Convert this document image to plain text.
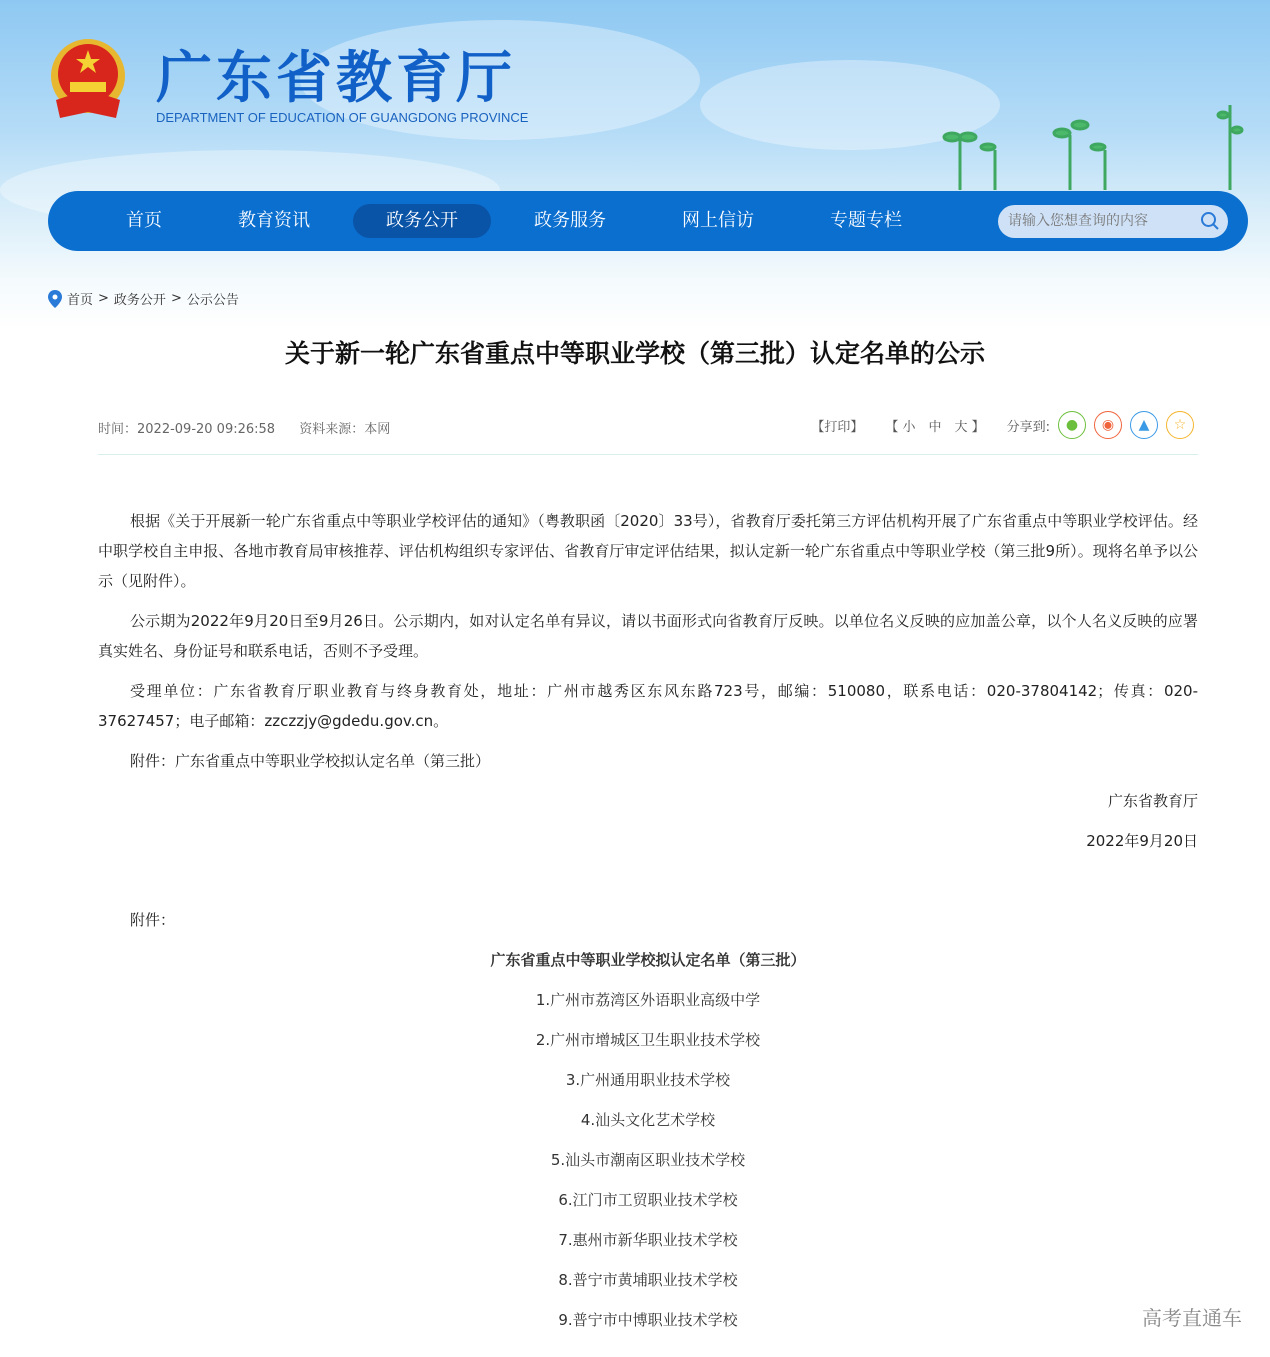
广东省教育厅
DEPARTMENT OF EDUCATION OF GUANGDONG PROVINCE
首页	教育资讯	政务公开	政务服务	网上信访	专题专栏
请输入您想查询的内容
首页 > 政务公开 > 公示公告
关于新一轮广东省重点中等职业学校（第三批）认定名单的公示
时间：2022-09-20 09:26:58 资料来源：本网	【打印】 【 小　中　大 】 分享到:	●	◉	▲	☆

根据《关于开展新一轮广东省重点中等职业学校评估的通知》（粤教职函〔2020〕33号），省教育厅委托第三方评估机构开展了广东省重点中等职业学校评估。经中职学校自主申报、各地市教育局审核推荐、评估机构组织专家评估、省教育厅审定评估结果，拟认定新一轮广东省重点中等职业学校（第三批9所）。现将名单予以公示（见附件）。

公示期为2022年9月20日至9月26日。公示期内，如对认定名单有异议，请以书面形式向省教育厅反映。以单位名义反映的应加盖公章，以个人名义反映的应署真实姓名、身份证号和联系电话，否则不予受理。

受理单位：广东省教育厅职业教育与终身教育处，地址：广州市越秀区东风东路723号，邮编：510080，联系电话：020-37804142；传真：020-37627457；电子邮箱：zzczzjy@gdedu.gov.cn。

附件：广东省重点中等职业学校拟认定名单（第三批）

广东省教育厅

2022年9月20日

附件：
广东省重点中等职业学校拟认定名单（第三批）
1.广州市荔湾区外语职业高级中学
2.广州市增城区卫生职业技术学校
3.广州通用职业技术学校
4.汕头文化艺术学校
5.汕头市潮南区职业技术学校
6.江门市工贸职业技术学校
7.惠州市新华职业技术学校
8.普宁市黄埔职业技术学校
9.普宁市中博职业技术学校	高考直通车
